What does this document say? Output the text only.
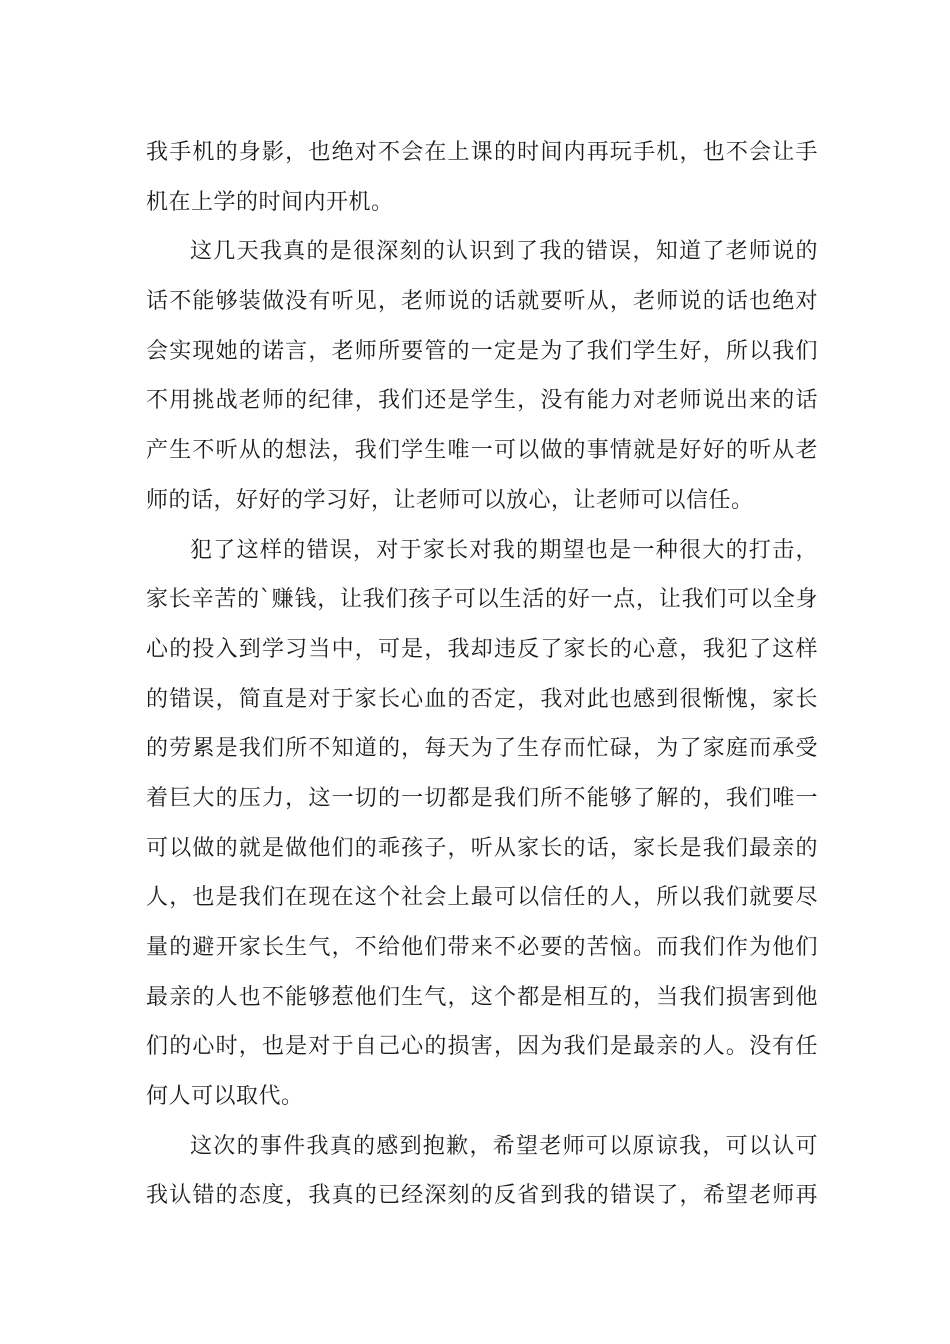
我手机的身影，也绝对不会在上课的时间内再玩手机，也不会让手
机在上学的时间内开机。
这几天我真的是很深刻的认识到了我的错误，知道了老师说的
话不能够装做没有听见，老师说的话就要听从，老师说的话也绝对
会实现她的诺言，老师所要管的一定是为了我们学生好，所以我们
不用挑战老师的纪律，我们还是学生，没有能力对老师说出来的话
产生不听从的想法，我们学生唯一可以做的事情就是好好的听从老
师的话，好好的学习好，让老师可以放心，让老师可以信任。
犯了这样的错误，对于家长对我的期望也是一种很大的打击，
家长辛苦的`赚钱，让我们孩子可以生活的好一点，让我们可以全身
心的投入到学习当中，可是，我却违反了家长的心意，我犯了这样
的错误，简直是对于家长心血的否定，我对此也感到很惭愧，家长
的劳累是我们所不知道的，每天为了生存而忙碌，为了家庭而承受
着巨大的压力，这一切的一切都是我们所不能够了解的，我们唯一
可以做的就是做他们的乖孩子，听从家长的话，家长是我们最亲的
人，也是我们在现在这个社会上最可以信任的人，所以我们就要尽
量的避开家长生气，不给他们带来不必要的苦恼。而我们作为他们
最亲的人也不能够惹他们生气，这个都是相互的，当我们损害到他
们的心时，也是对于自己心的损害，因为我们是最亲的人。没有任
何人可以取代。
这次的事件我真的感到抱歉，希望老师可以原谅我，可以认可
我认错的态度，我真的已经深刻的反省到我的错误了，希望老师再
